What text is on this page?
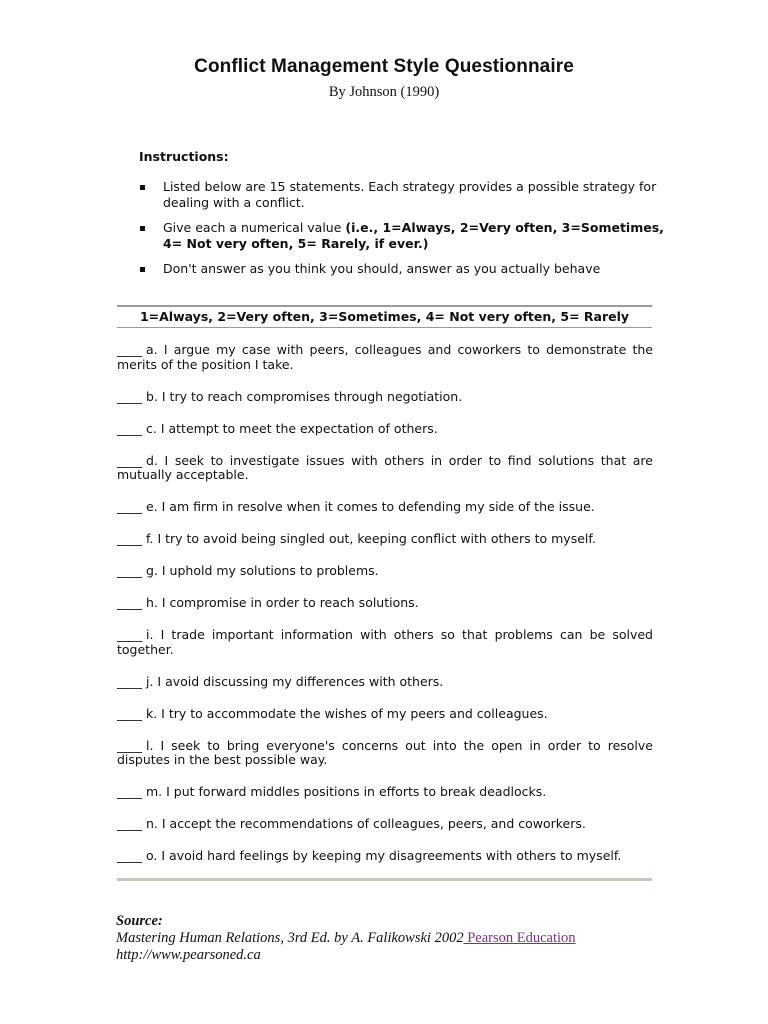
Conflict Management Style Questionnaire
By Johnson (1990)
Instructions:
Listed below are 15 statements. Each strategy provides a possible strategy for dealing with a conflict.
Give each a numerical value (i.e., 1=Always, 2=Very often, 3=Sometimes, 4= Not very often, 5= Rarely, if ever.)
Don't answer as you think you should, answer as you actually behave
1=Always, 2=Very often, 3=Sometimes, 4= Not very often, 5= Rarely
____ a. I argue my case with peers, colleagues and coworkers to demonstrate the merits of the position I take.
____ b. I try to reach compromises through negotiation.
____ c. I attempt to meet the expectation of others.
____ d. I seek to investigate issues with others in order to find solutions that are mutually acceptable.
____ e. I am firm in resolve when it comes to defending my side of the issue.
____ f. I try to avoid being singled out, keeping conflict with others to myself.
____ g. I uphold my solutions to problems.
____ h. I compromise in order to reach solutions.
____ i. I trade important information with others so that problems can be solved together.
____ j. I avoid discussing my differences with others.
____ k. I try to accommodate the wishes of my peers and colleagues.
____ l. I seek to bring everyone's concerns out into the open in order to resolve disputes in the best possible way.
____ m. I put forward middles positions in efforts to break deadlocks.
____ n. I accept the recommendations of colleagues, peers, and coworkers.
____ o. I avoid hard feelings by keeping my disagreements with others to myself.
Source:
Mastering Human Relations, 3rd Ed. by A. Falikowski 2002 Pearson Education
http://www.pearsoned.ca
